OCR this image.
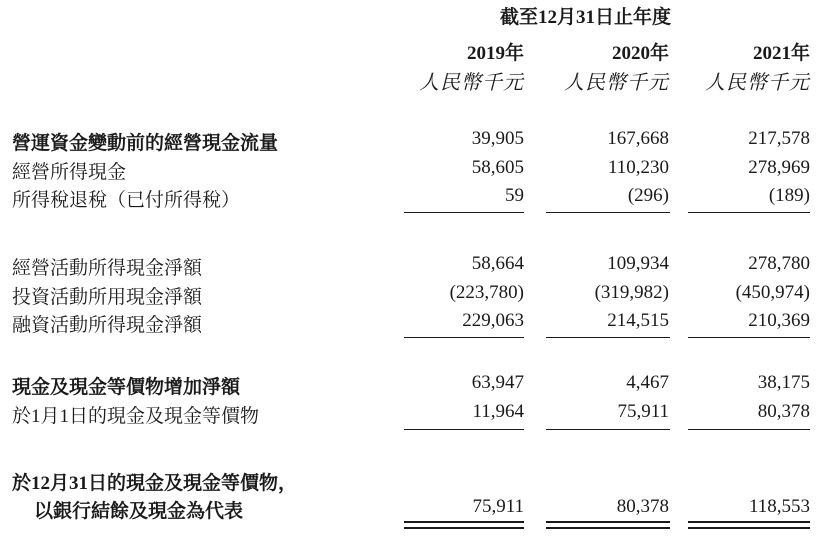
截至12月31日止年度
2019年	2020年	2021年
人民幣千元	人民幣千元	人民幣千元
營運資金變動前的經營現金流量	39,905	167,668	217,578
經營所得現金	58,605	110,230	278,969
所得稅退稅（已付所得稅）	59	(296)	(189)
經營活動所得現金淨額	58,664	109,934	278,780
投資活動所用現金淨額	(223,780)	(319,982)	(450,974)
融資活動所得現金淨額	229,063	214,515	210,369
現金及現金等價物增加淨額	63,947	4,467	38,175
於1月1日的現金及現金等價物	11,964	75,911	80,378
於12月31日的現金及現金等價物，
以銀行結餘及現金為代表	75,911	80,378	118,553
